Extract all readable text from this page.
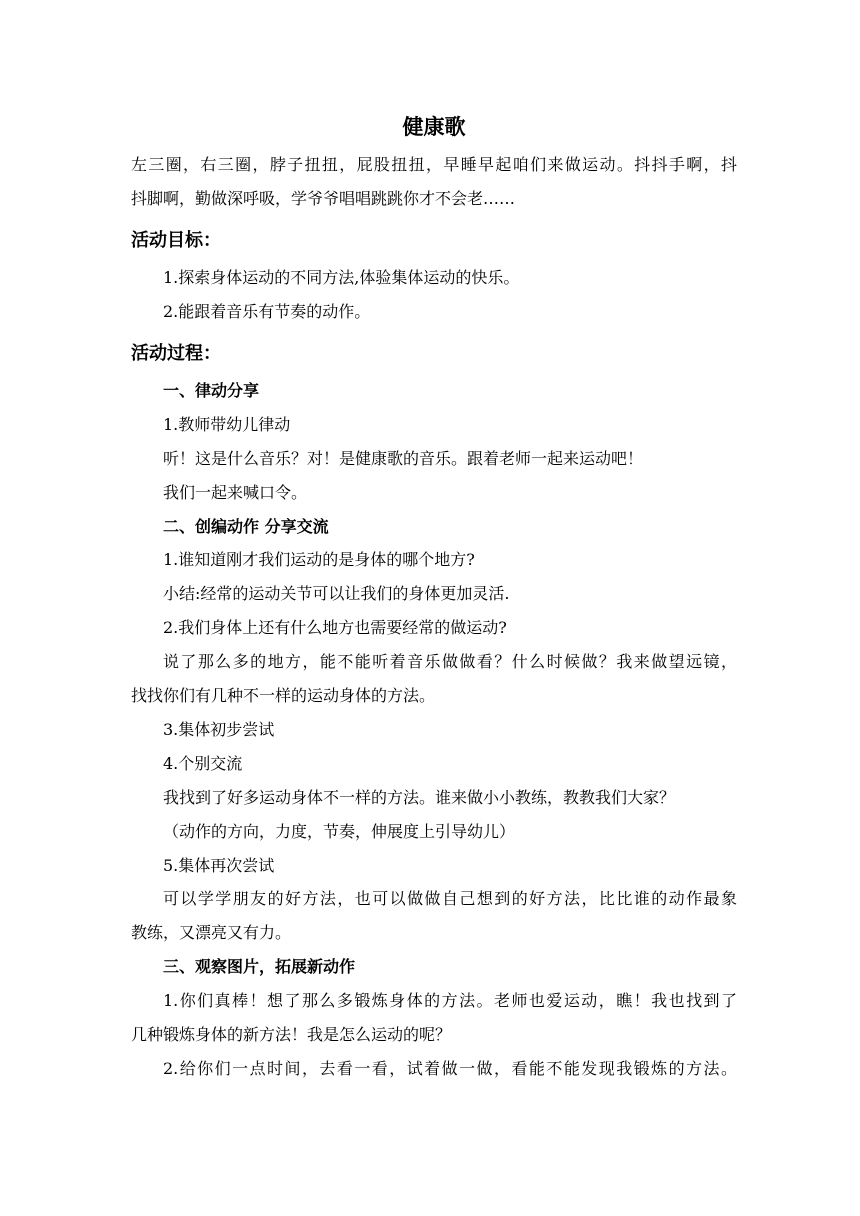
健康歌
左三圈，右三圈，脖子扭扭，屁股扭扭，早睡早起咱们来做运动。抖抖手啊，抖
抖脚啊，勤做深呼吸，学爷爷唱唱跳跳你才不会老……
活动目标：
1.探索身体运动的不同方法,体验集体运动的快乐。
2.能跟着音乐有节奏的动作。
活动过程：
一、律动分享
1.教师带幼儿律动
听！这是什么音乐？对！是健康歌的音乐。跟着老师一起来运动吧！
我们一起来喊口令。
二、创编动作 分享交流
1.谁知道刚才我们运动的是身体的哪个地方?
小结:经常的运动关节可以让我们的身体更加灵活.
2.我们身体上还有什么地方也需要经常的做运动?
说了那么多的地方，能不能听着音乐做做看？什么时候做？我来做望远镜，
找找你们有几种不一样的运动身体的方法。
3.集体初步尝试
4.个别交流
我找到了好多运动身体不一样的方法。谁来做小小教练，教教我们大家？
（动作的方向，力度，节奏，伸展度上引导幼儿）
5.集体再次尝试
可以学学朋友的好方法，也可以做做自己想到的好方法，比比谁的动作最象
教练，又漂亮又有力。
三、观察图片，拓展新动作
1.你们真棒！想了那么多锻炼身体的方法。老师也爱运动，瞧！我也找到了
几种锻炼身体的新方法！我是怎么运动的呢？
2.给你们一点时间，去看一看，试着做一做，看能不能发现我锻炼的方法。
